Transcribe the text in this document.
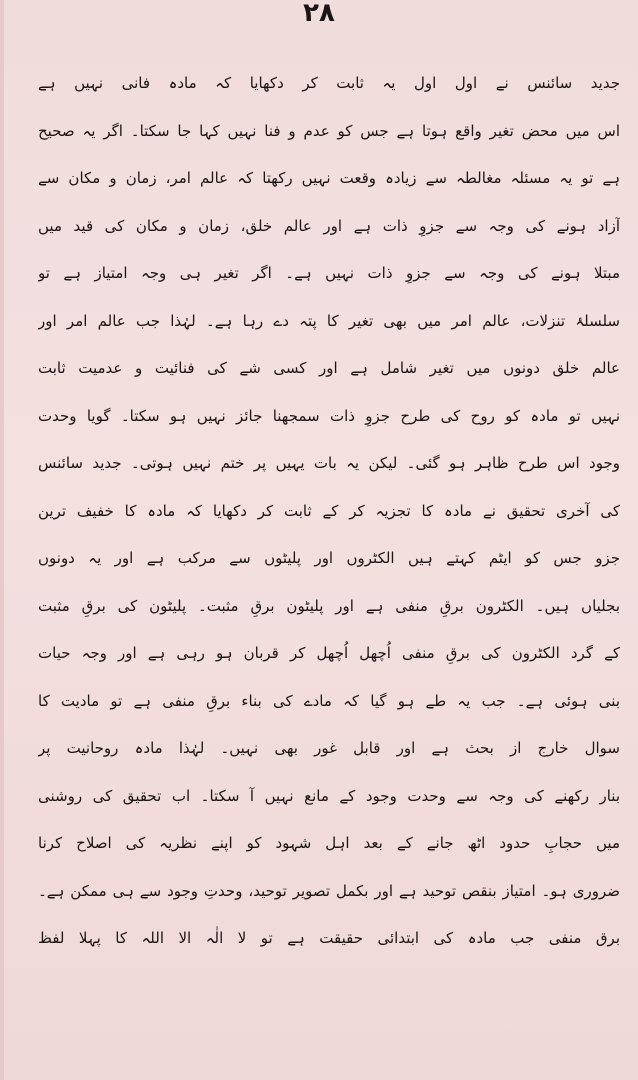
۲۸
جدید سائنس نے اول اول یہ ثابت کر دکھایا کہ مادہ فانی نہیں ہے
اس میں محض تغیر واقع ہوتا ہے جس کو عدم و فنا نہیں کہا جا سکتا۔ اگر یہ صحیح
ہے تو یہ مسئلہ مغالطہ سے زیادہ وقعت نہیں رکھتا کہ عالم امر، زمان و مکان سے
آزاد ہونے کی وجہ سے جزوِ ذات ہے اور عالم خلق، زمان و مکان کی قید میں
مبتلا ہونے کی وجہ سے جزوِ ذات نہیں ہے۔ اگر تغیر ہی وجہ امتیاز ہے تو
سلسلۂ تنزلات، عالم امر میں بھی تغیر کا پتہ دے رہا ہے۔ لہٰذا جب عالم امر اور
عالم خلق دونوں میں تغیر شامل ہے اور کسی شے کی فنائیت و عدمیت ثابت
نہیں تو مادہ کو روح کی طرح جزوِ ذات سمجھنا جائز نہیں ہو سکتا۔ گویا وحدت
وجود اس طرح ظاہر ہو گئی۔ لیکن یہ بات یہیں پر ختم نہیں ہوتی۔ جدید سائنس
کی آخری تحقیق نے مادہ کا تجزیہ کر کے ثابت کر دکھایا کہ مادہ کا خفیف ترین
جزو جس کو ایٹم کہتے ہیں الکٹروں اور پلیٹوں سے مرکب ہے اور یہ دونوں
بجلیاں ہیں۔ الکٹرون برقِ منفی ہے اور پلیٹون برقِ مثبت۔ پلیٹون کی برقِ مثبت
کے گرد الکٹرون کی برقِ منفی اُچھل اُچھل کر قربان ہو رہی ہے اور وجہ حیات
بنی ہوئی ہے۔ جب یہ طے ہو گیا کہ مادے کی بناء برقِ منفی ہے تو مادیت کا
سوال خارج از بحث ہے اور قابل غور بھی نہیں۔ لہٰذا مادہ روحانیت پر
بنار رکھنے کی وجہ سے وحدت وجود کے مانع نہیں آ سکتا۔ اب تحقیق کی روشنی
میں حجابِ حدود اٹھ جانے کے بعد اہل شہود کو اپنے نظریہ کی اصلاح کرنا
ضروری ہو۔ امتیاز بنقص توحید ہے اور بکمل تصویر توحید، وحدتِ وجود سے ہی ممکن ہے۔
برق منفی جب مادہ کی ابتدائی حقیقت ہے تو لا الٰہ الا اللہ کا پہلا لفظ
